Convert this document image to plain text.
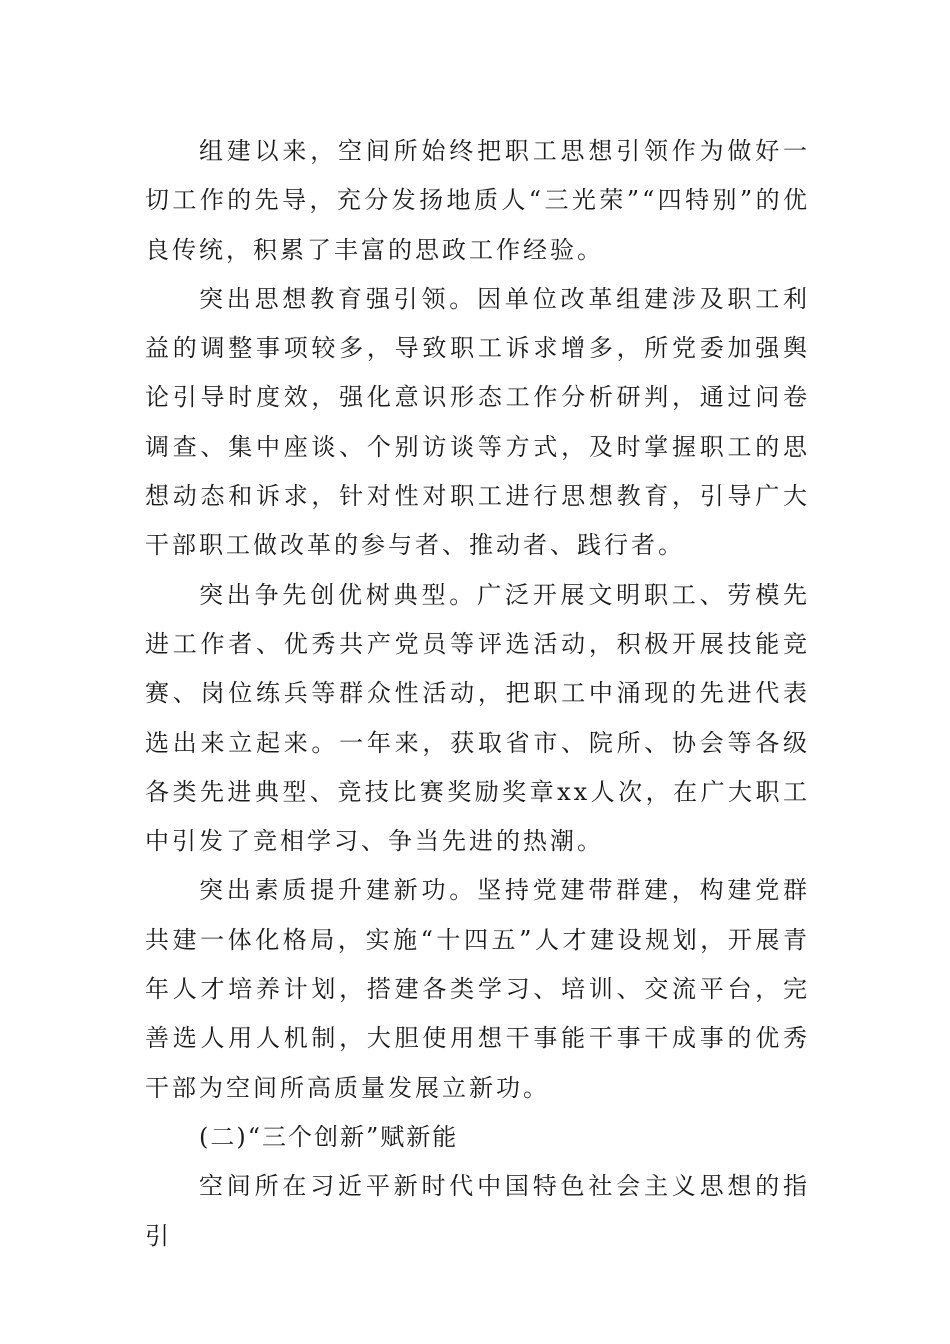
组建以来，空间所始终把职工思想引领作为做好一切工作的先导，充分发扬地质人“三光荣”“四特别”的优良传统，积累了丰富的思政工作经验。

突出思想教育强引领。因单位改革组建涉及职工利益的调整事项较多，导致职工诉求增多，所党委加强舆论引导时度效，强化意识形态工作分析研判，通过问卷调查、集中座谈、个别访谈等方式，及时掌握职工的思想动态和诉求，针对性对职工进行思想教育，引导广大干部职工做改革的参与者、推动者、践行者。

突出争先创优树典型。广泛开展文明职工、劳模先进工作者、优秀共产党员等评选活动，积极开展技能竞赛、岗位练兵等群众性活动，把职工中涌现的先进代表选出来立起来。一年来，获取省市、院所、协会等各级各类先进典型、竞技比赛奖励奖章xx人次，在广大职工中引发了竞相学习、争当先进的热潮。

突出素质提升建新功。坚持党建带群建，构建党群共建一体化格局，实施“十四五”人才建设规划，开展青年人才培养计划，搭建各类学习、培训、交流平台，完善选人用人机制，大胆使用想干事能干事干成事的优秀干部为空间所高质量发展立新功。

(二)“三个创新”赋新能

空间所在习近平新时代中国特色社会主义思想的指引
